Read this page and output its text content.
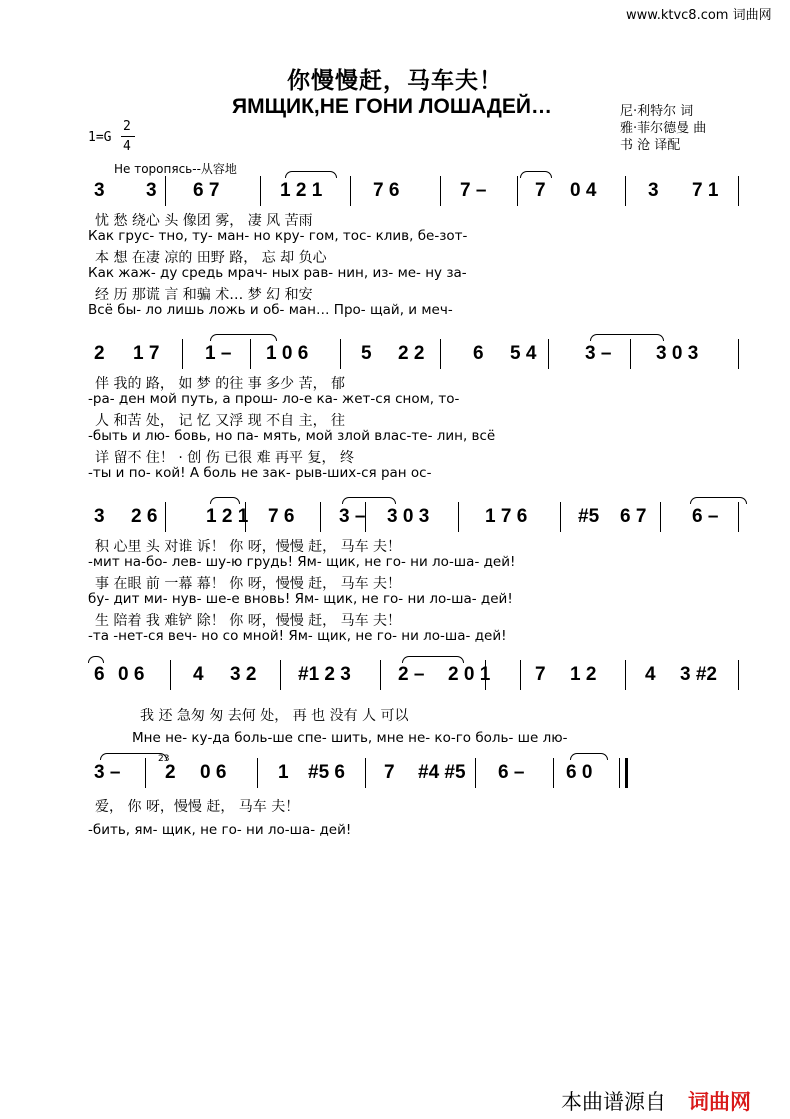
www.ktvc8.com 词曲网
你慢慢赶，马车夫！
ЯМЩИК,НЕ ГОНИ ЛОШАДЕЙ…	尼·利特尔 词
雅·菲尔德曼 曲
书 沧 译配
1=G
2
4
Не торопясь--从容地
3 3 6 7	1 2 1	7 6	7 –	7 0 4	3 7 1
忧 愁 绕心 头 像团 雾， 凄 风 苦雨
Как грус- тно, ту- ман- но кру- гом, тос- клив, бе-зот-
本 想 在凄 凉的 田野 路， 忘 却 负心
Как жаж- ду средь мрач- ных рав- нин, из- ме- ну за-
经 历 那谎 言 和骗 术… 梦 幻 和安
Всё бы- ло лишь ложь и об- ман… Про- щай, и меч-
2 1 7 1 – 1 0 6	5 2 2	6 5 4	3 – 3 0 3
伴 我的 路， 如 梦 的往 事 多少 苦， 郁
-ра- ден мой путь, а прош- ло-е ка- жет-ся сном, то-
人 和苦 处， 记 忆 又浮 现 不自 主， 往
-быть и лю- бовь, но па- мять, мой злой влас-те- лин, всё
详 留不 住！ · 创 伤 已很 难 再平 复， 终
-ты и по- кой! А боль не зак- рыв-ших-ся ран ос-
3 2 6	1 2 1 7 6 3 – 3 0 3	1 7 6	#5 6 7 6 –
积 心里 头 对谁 诉！ 你 呀，慢慢 赶， 马车 夫！
-мит на-бо- лев- шу-ю грудь! Ям- щик, не го- ни ло-ша- дей!
事 在眼 前 一幕 幕！ 你 呀，慢慢 赶， 马车 夫！
бу- дит ми- нув- ше-е вновь! Ям- щик, не го- ни ло-ша- дей!
生 陪着 我 难铲 除！ 你 呀，慢慢 赶， 马车 夫！
-та -нет-ся веч- но со мной! Ям- щик, не го- ни ло-ша- дей!
6 0 6	4 3 2 #1 2 3 2 – 2 0 1 7 1 2	4 3 #2
我 还 急匆 匆 去何 处， 再 也 没有 人 可以
Мне не- ку-да боль-ше спе- шить, мне не- ко-го боль- ше лю-
3 – 2 0 6	1 #5 6 7 #4 #5 6 – 6 0
爱， 你 呀，慢慢 赶， 马车 夫！
-бить, ям- щик, не го- ни ло-ша- дей!
23
本曲谱源自 词曲网
